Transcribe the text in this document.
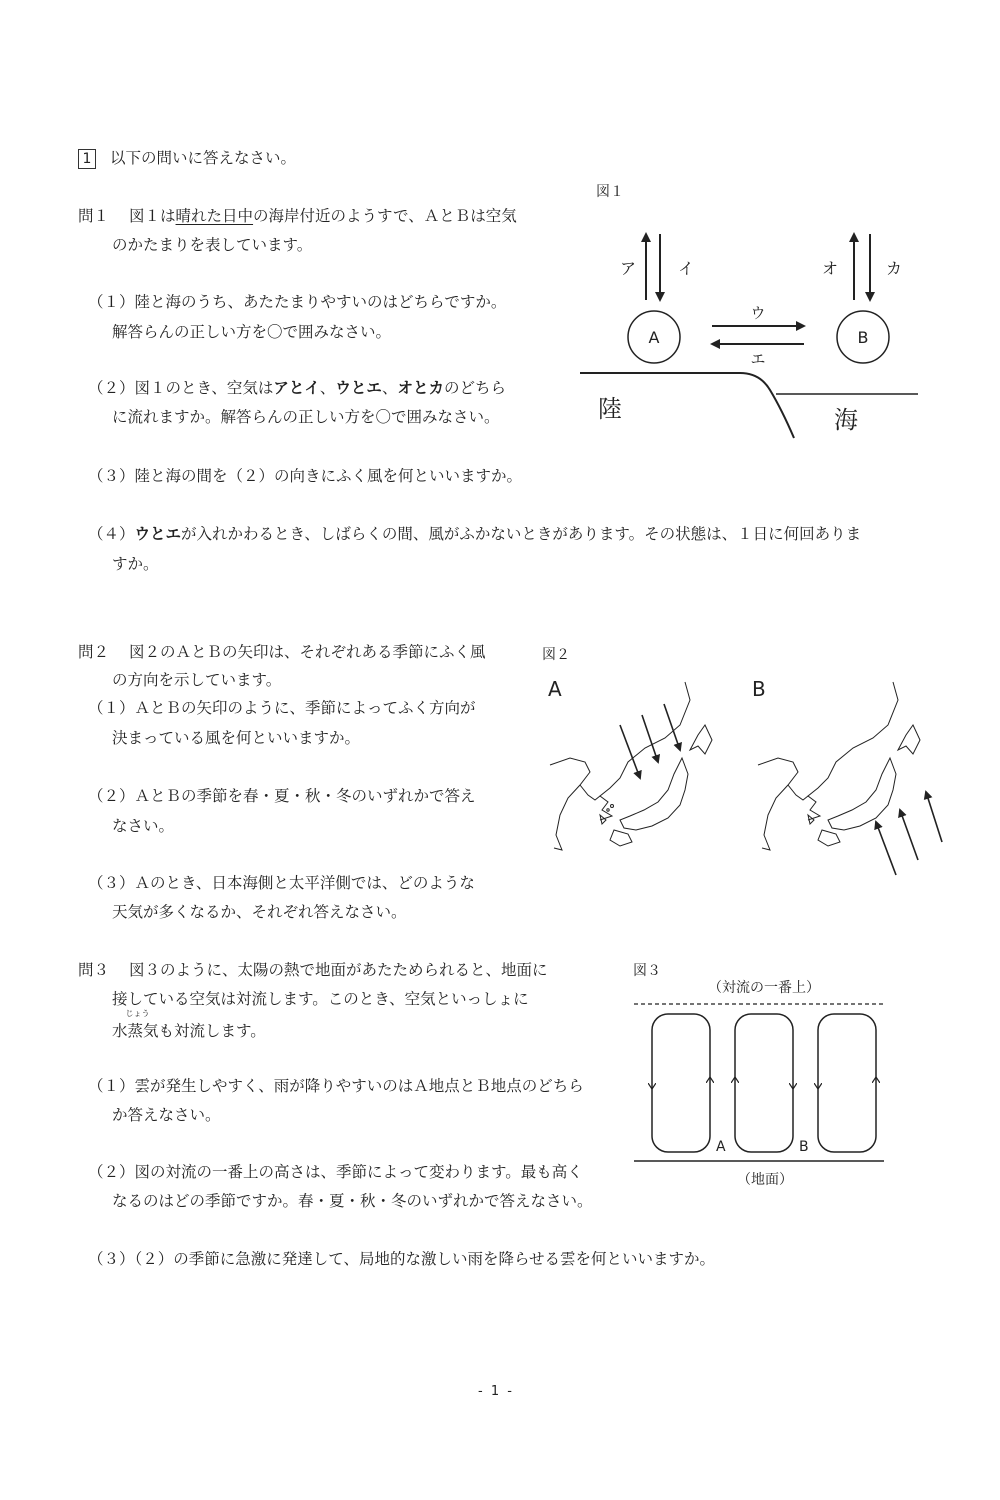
1 以下の問いに答えなさい。
問１ 図１は晴れた日中の海岸付近のようすで、ＡとＢは空気
のかたまりを表しています。
（１）陸と海のうち、あたたまりやすいのはどちらですか。
解答らんの正しい方を〇で囲みなさい。
（２）図１のとき、空気はアとイ、ウとエ、オとカのどちら
に流れますか。解答らんの正しい方を〇で囲みなさい。
（３）陸と海の間を（２）の向きにふく風を何といいますか。
（４）ウとエが入れかわるとき、しばらくの間、風がふかないときがあります。その状態は、１日に何回ありま
すか。
図１
ア	イ	オ	カ
A	B
ウ
エ
陸	海
問２ 図２のＡとＢの矢印は、それぞれある季節にふく風
の方向を示しています。
（１）ＡとＢの矢印のように、季節によってふく方向が
決まっている風を何といいますか。
（２）ＡとＢの季節を春・夏・秋・冬のいずれかで答え
なさい。
（３）Ａのとき、日本海側と太平洋側では、どのような
天気が多くなるか、それぞれ答えなさい。
図２
A	B
問３ 図３のように、太陽の熱で地面があたためられると、地面に
接している空気は対流します。このとき、空気といっしょに
水
じょう
蒸気も対流します。
（１）雲が発生しやすく、雨が降りやすいのはＡ地点とＢ地点のどちら
か答えなさい。
（２）図の対流の一番上の高さは、季節によって変わります。最も高く
なるのはどの季節ですか。春・夏・秋・冬のいずれかで答えなさい。
（３）（２）の季節に急激に発達して、局地的な激しい雨を降らせる雲を何といいますか。
図３
（対流の一番上）
A	B
（地面）
- 1 -
